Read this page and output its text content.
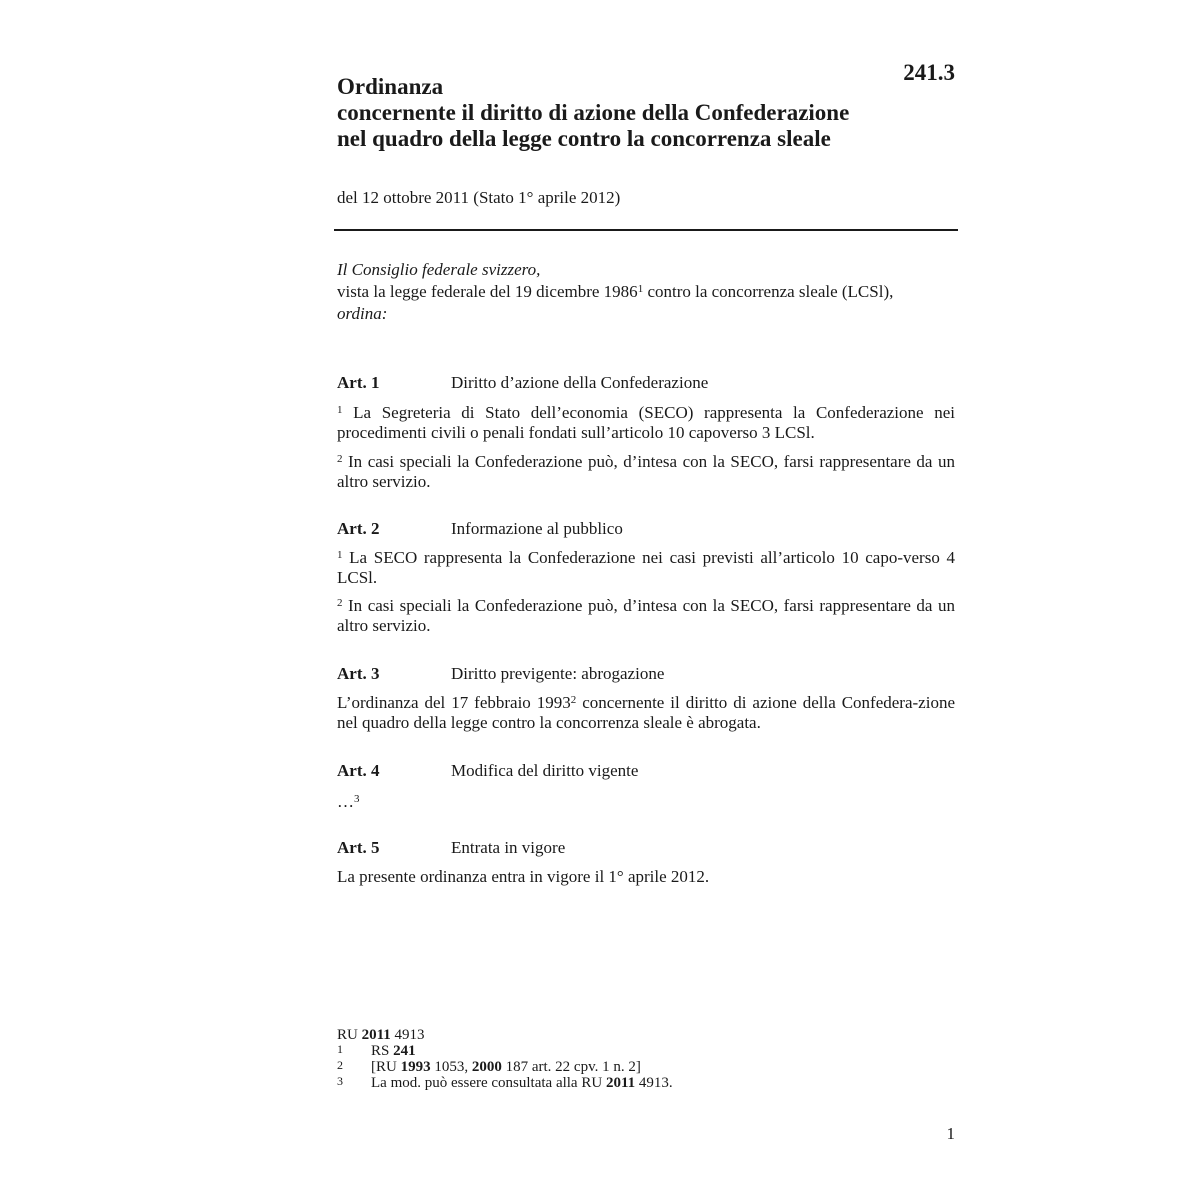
241.3
Ordinanza
concernente il diritto di azione della Confederazione
nel quadro della legge contro la concorrenza sleale
del 12 ottobre 2011 (Stato 1° aprile 2012)
Il Consiglio federale svizzero,
vista la legge federale del 19 dicembre 1986$^1$ contro la concorrenza sleale (LCSl),
ordina:
Art. 1	Diritto d’azione della Confederazione
$^1$ La Segreteria di Stato dell’economia (SECO) rappresenta la Confederazione nei procedimenti civili o penali fondati sull’articolo 10 capoverso 3 LCSl.
$^2$ In casi speciali la Confederazione può, d’intesa con la SECO, farsi rappresentare da un altro servizio.
Art. 2	Informazione al pubblico
$^1$ La SECO rappresenta la Confederazione nei casi previsti all’articolo 10 capo-verso 4 LCSl.
$^2$ In casi speciali la Confederazione può, d’intesa con la SECO, farsi rappresentare da un altro servizio.
Art. 3	Diritto previgente: abrogazione
L’ordinanza del 17 febbraio 1993$^2$ concernente il diritto di azione della Confedera-zione nel quadro della legge contro la concorrenza sleale è abrogata.
Art. 4	Modifica del diritto vigente
…$^3$
Art. 5	Entrata in vigore
La presente ordinanza entra in vigore il 1° aprile 2012.
RU 2011 4913
1	RS 241
2	[RU 1993 1053, 2000 187 art. 22 cpv. 1 n. 2]
3	La mod. può essere consultata alla RU 2011 4913.
1
